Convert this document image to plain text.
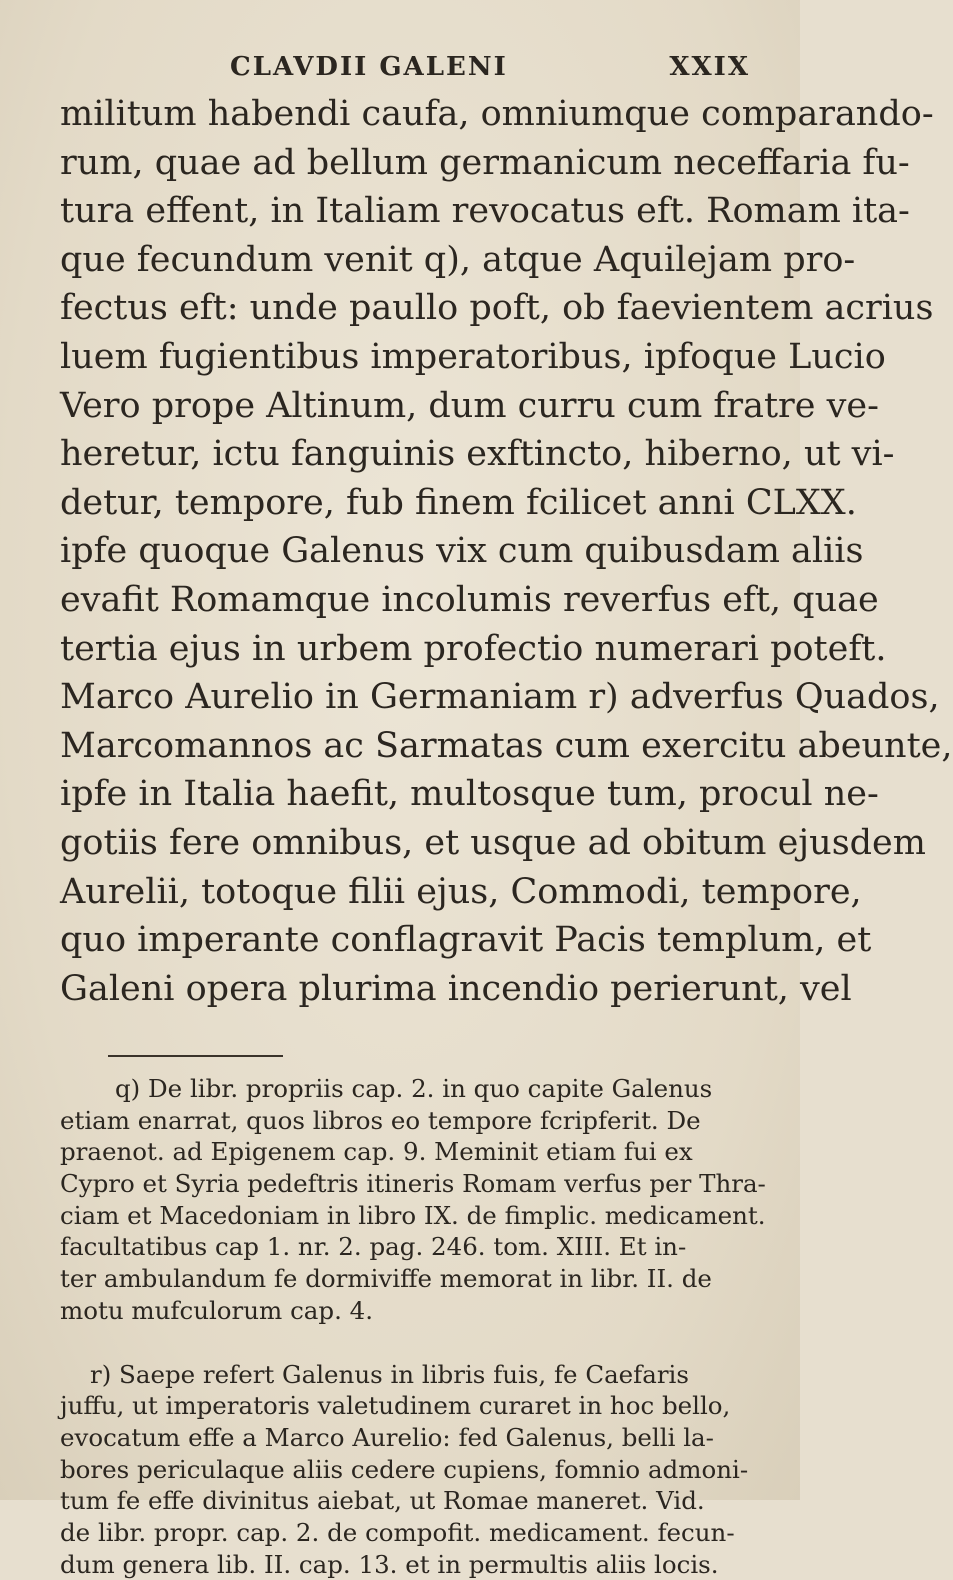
CLAVDII GALENI	XXIX
militum habendi caufa, omniumque comparando-
rum, quae ad bellum germanicum neceffaria fu-
tura effent, in Italiam revocatus eft. Romam ita-
que fecundum venit q), atque Aquilejam pro-
fectus eft: unde paullo poft, ob faevientem acrius
luem fugientibus imperatoribus, ipfoque Lucio
Vero prope Altinum, dum curru cum fratre ve-
heretur, ictu fanguinis exftincto, hiberno, ut vi-
detur, tempore, fub finem fcilicet anni CLXX.
ipfe quoque Galenus vix cum quibusdam aliis
evafit Romamque incolumis reverfus eft, quae
tertia ejus in urbem profectio numerari poteft.
Marco Aurelio in Germaniam r) adverfus Quados,
Marcomannos ac Sarmatas cum exercitu abeunte,
ipfe in Italia haefit, multosque tum, procul ne-
gotiis fere omnibus, et usque ad obitum ejusdem
Aurelii, totoque filii ejus, Commodi, tempore,
quo imperante conflagravit Pacis templum, et
Galeni opera plurima incendio perierunt, vel
q) De libr. propriis cap. 2. in quo capite Galenus
etiam enarrat, quos libros eo tempore fcripferit. De
praenot. ad Epigenem cap. 9. Meminit etiam fui ex
Cypro et Syria pedeftris itineris Romam verfus per Thra-
ciam et Macedoniam in libro IX. de fimplic. medicament.
facultatibus cap 1. nr. 2. pag. 246. tom. XIII. Et in-
ter ambulandum fe dormiviffe memorat in libr. II. de
motu mufculorum cap. 4.
r) Saepe refert Galenus in libris fuis, fe Caefaris
juffu, ut imperatoris valetudinem curaret in hoc bello,
evocatum effe a Marco Aurelio: fed Galenus, belli la-
bores periculaque aliis cedere cupiens, fomnio admoni-
tum fe effe divinitus aiebat, ut Romae maneret. Vid.
de libr. propr. cap. 2. de compofit. medicament. fecun-
dum genera lib. II. cap. 13. et in permultis aliis locis.
